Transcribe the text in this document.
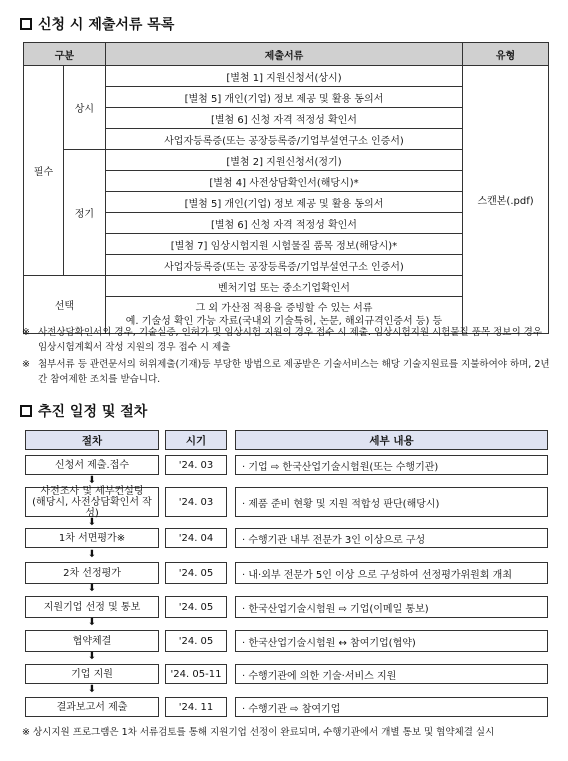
신청 시 제출서류 목록
구분		제출서류	유형
필수	상시	[별첨 1] 지원신청서(상시)	스캔본(.pdf)
		[별첨 5] 개인(기업) 정보 제공 및 활용 동의서	
		[별첨 6] 신청 자격 적정성 확인서	
		사업자등록증(또는 공장등록증/기업부설연구소 인증서)	
	정기	[별첨 2] 지원신청서(정기)	
		[별첨 4] 사전상담확인서(해당시)*	
		[별첨 5] 개인(기업) 정보 제공 및 활용 동의서	
		[별첨 6] 신청 자격 적정성 확인서	
		[별첨 7] 임상시험지원 시험물질 품목 정보(해당시)*	
		사업자등록증(또는 공장등록증/기업부설연구소 인증서)	
선택		벤처기업 또는 중소기업확인서	

		그 외 가산점 적용을 증빙할 수 있는 서류
예. 기술성 확인 가능 자료(국내외 기술특허, 논문, 해외규격인증서 등) 등	
※ 사전상담확인서의 경우, 기술실증, 인허가 및 임상시험 지원의 경우 접수 시 제출. 임상시험지원 시험물질 품목 정보의 경우 임상시험계획서 작성 지원의 경우 접수 시 제출
※ 첨부서류 등 관련문서의 허위제출(기재)등 부당한 방법으로 제공받은 기술서비스는 해당 기술지원료를 지불하여야 하며, 2년간 참여제한 조치를 받습니다.
추진 일정 및 절차
절차	시기	세부 내용
신청서 제출.접수	'24. 03	· 기업 ⇨ 한국산업기술시험원(또는 수행기관)
⬇
사전조사 및 세부컨설팅
(해당시, 사전상담확인서 작성)
'24. 03	· 제품 준비 현황 및 지원 적합성 판단(해당시)
⬇
1차 서면평가※	'24. 04	· 수행기관 내부 전문가 3인 이상으로 구성
⬇
2차 선정평가	'24. 05	· 내·외부 전문가 5인 이상 으로 구성하여 선정평가위원회 개최
⬇
지원기업 선정 및 통보	'24. 05	· 한국산업기술시험원 ⇨ 기업(이메일 통보)
⬇
협약체결	'24. 05	· 한국산업기술시험원 ↔ 참여기업(협약)
⬇
기업 지원	'24. 05-11	· 수행기관에 의한 기술·서비스 지원
⬇
결과보고서 제출	'24. 11	· 수행기관 ⇨ 참여기업
※ 상시지원 프로그램은 1차 서류검토를 통해 지원기업 선정이 완료되며, 수행기관에서 개별 통보 및 협약체결 실시
